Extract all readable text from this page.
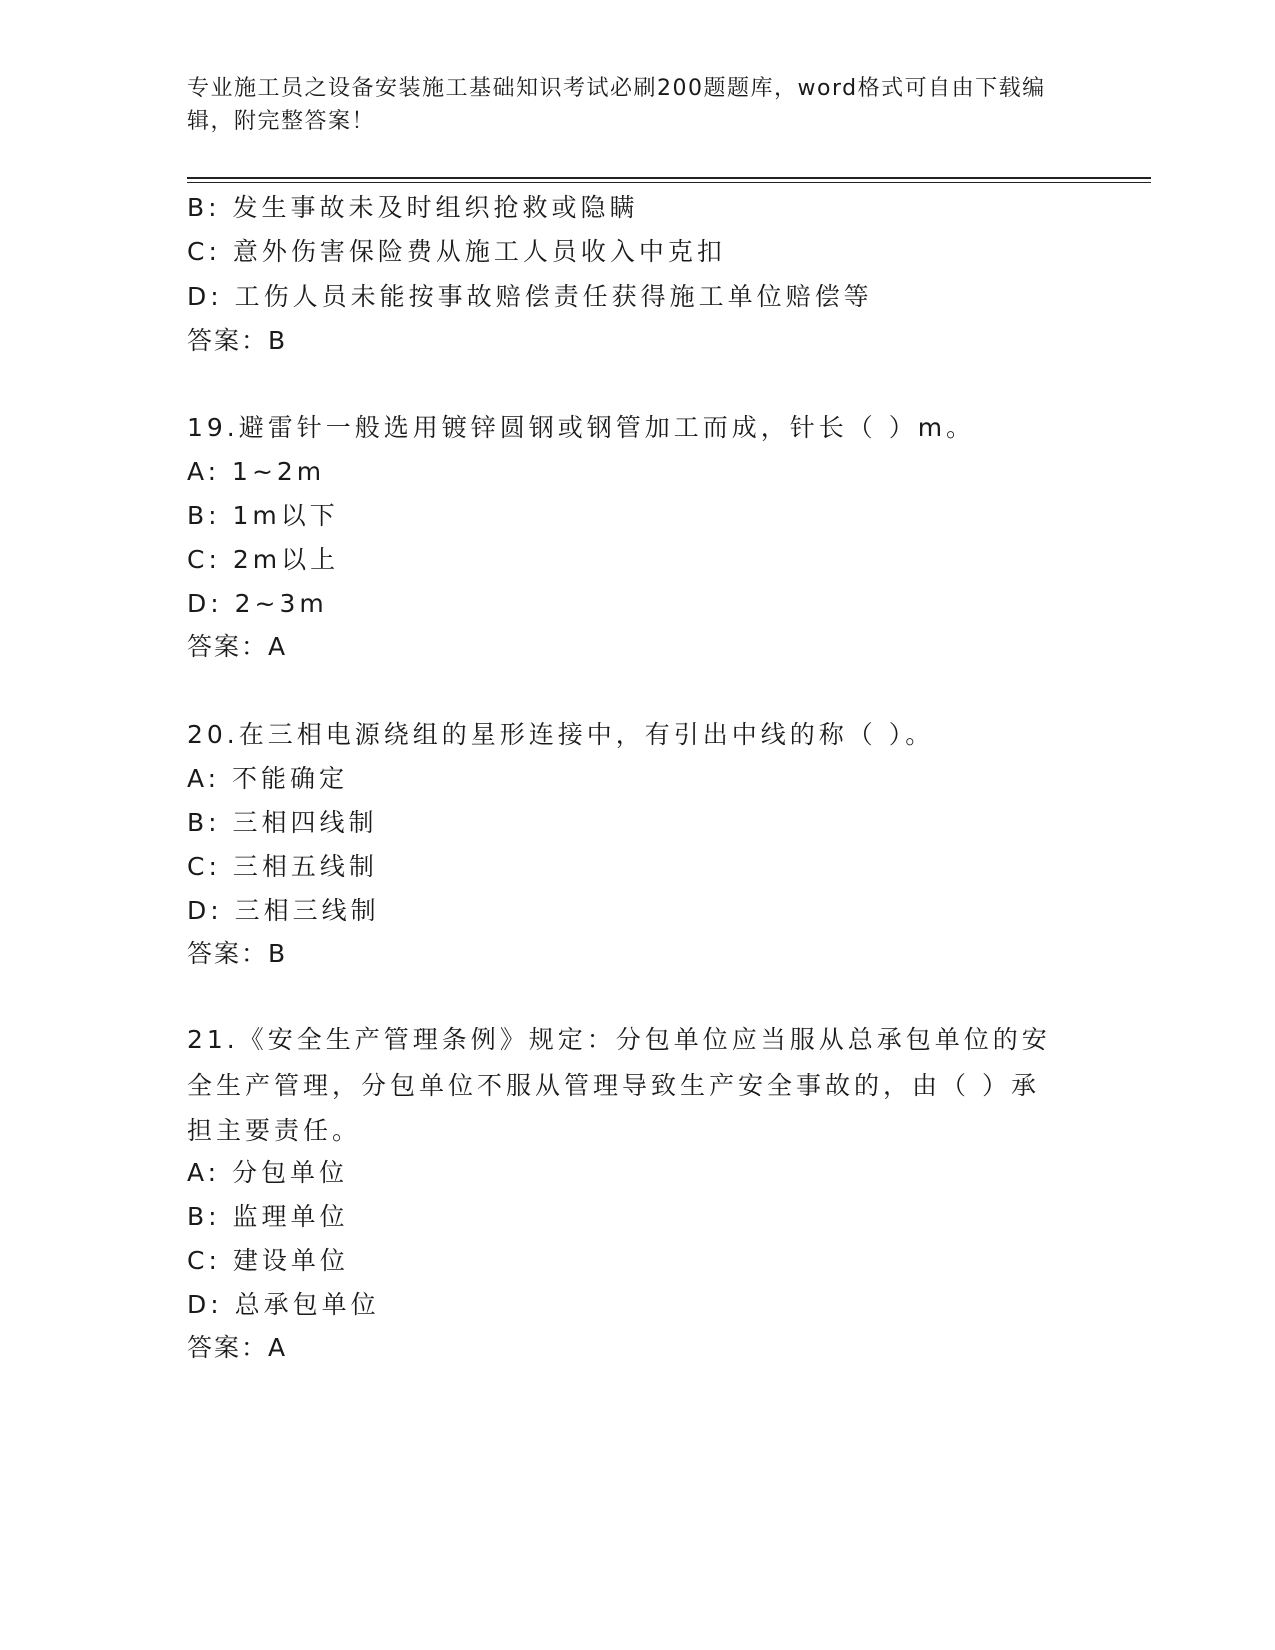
专业施工员之设备安装施工基础知识考试必刷200题题库，word格式可自由下载编辑，附完整答案！
B: 发生事故未及时组织抢救或隐瞒
C: 意外伤害保险费从施工人员收入中克扣
D: 工伤人员未能按事故赔偿责任获得施工单位赔偿等
答案：B
19.避雷针一般选用镀锌圆钢或钢管加工而成，针长（ ）m。
A: 1~2m
B: 1m以下
C: 2m以上
D: 2~3m
答案：A
20.在三相电源绕组的星形连接中，有引出中线的称（ ）。
A: 不能确定
B: 三相四线制
C: 三相五线制
D: 三相三线制
答案：B
21.《安全生产管理条例》规定：分包单位应当服从总承包单位的安全生产管理，分包单位不服从管理导致生产安全事故的，由（ ）承担主要责任。
A: 分包单位
B: 监理单位
C: 建设单位
D: 总承包单位
答案：A
